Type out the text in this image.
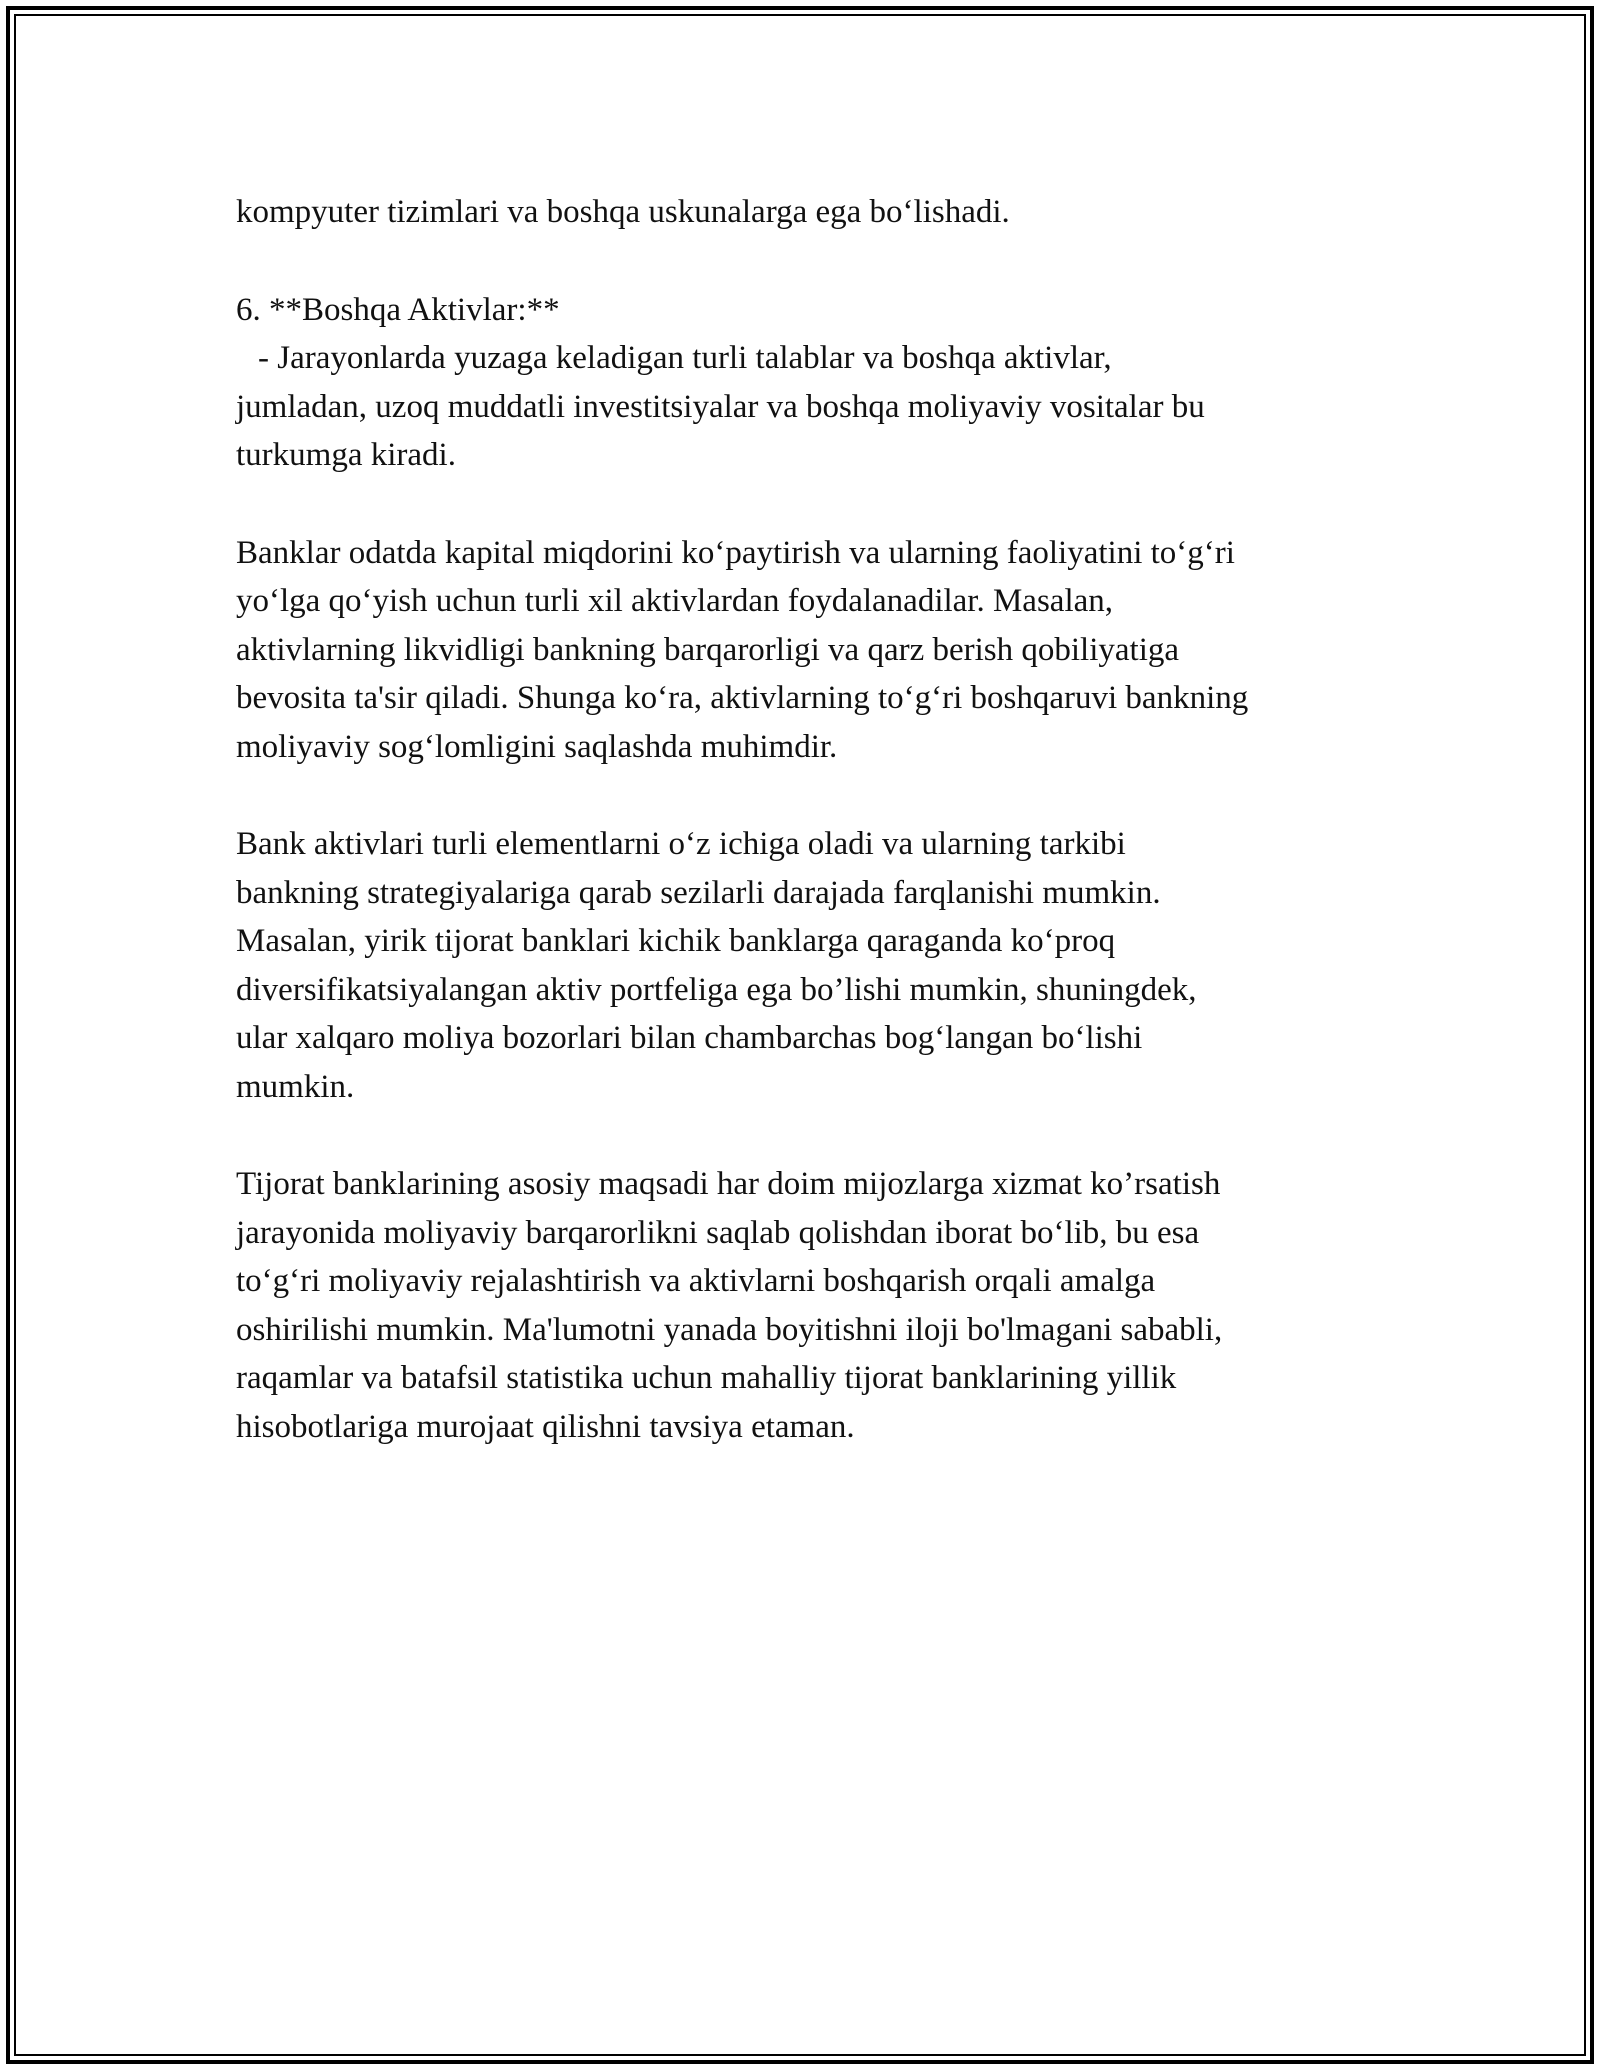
kompyuter tizimlari va boshqa uskunalarga ega bo‘lishadi.

6. **Boshqa Aktivlar:**
- Jarayonlarda yuzaga keladigan turli talablar va boshqa aktivlar,
jumladan, uzoq muddatli investitsiyalar va boshqa moliyaviy vositalar bu
turkumga kiradi.

Banklar odatda kapital miqdorini ko‘paytirish va ularning faoliyatini to‘g‘ri
yo‘lga qo‘yish uchun turli xil aktivlardan foydalanadilar. Masalan,
aktivlarning likvidligi bankning barqarorligi va qarz berish qobiliyatiga
bevosita ta'sir qiladi. Shunga ko‘ra, aktivlarning to‘g‘ri boshqaruvi bankning
moliyaviy sog‘lomligini saqlashda muhimdir.

Bank aktivlari turli elementlarni o‘z ichiga oladi va ularning tarkibi
bankning strategiyalariga qarab sezilarli darajada farqlanishi mumkin.
Masalan, yirik tijorat banklari kichik banklarga qaraganda ko‘proq
diversifikatsiyalangan aktiv portfeliga ega bo’lishi mumkin, shuningdek,
ular xalqaro moliya bozorlari bilan chambarchas bog‘langan bo‘lishi
mumkin.

Tijorat banklarining asosiy maqsadi har doim mijozlarga xizmat ko’rsatish
jarayonida moliyaviy barqarorlikni saqlab qolishdan iborat bo‘lib, bu esa
to‘g‘ri moliyaviy rejalashtirish va aktivlarni boshqarish orqali amalga
oshirilishi mumkin. Ma'lumotni yanada boyitishni iloji bo'lmagani sababli,
raqamlar va batafsil statistika uchun mahalliy tijorat banklarining yillik
hisobotlariga murojaat qilishni tavsiya etaman.
